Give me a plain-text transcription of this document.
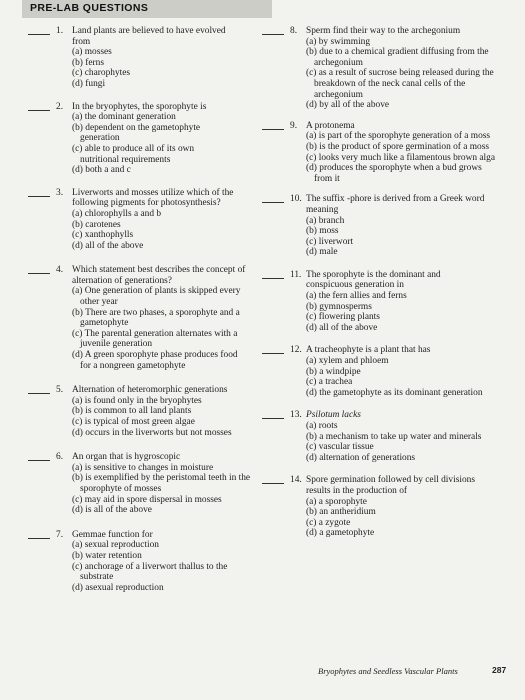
PRE-LAB QUESTIONS
1. Land plants are believed to have evolved from
(a) mosses
(b) ferns
(c) charophytes
(d) fungi
2. In the bryophytes, the sporophyte is
(a) the dominant generation
(b) dependent on the gametophyte generation
(c) able to produce all of its own nutritional requirements
(d) both a and c
3. Liverworts and mosses utilize which of the following pigments for photosynthesis?
(a) chlorophylls a and b
(b) carotenes
(c) xanthophylls
(d) all of the above
4. Which statement best describes the concept of alternation of generations?
(a) One generation of plants is skipped every other year
(b) There are two phases, a sporophyte and a gametophyte
(c) The parental generation alternates with a juvenile generation
(d) A green sporophyte phase produces food for a nongreen gametophyte
5. Alternation of heteromorphic generations
(a) is found only in the bryophytes
(b) is common to all land plants
(c) is typical of most green algae
(d) occurs in the liverworts but not mosses
6. An organ that is hygroscopic
(a) is sensitive to changes in moisture
(b) is exemplified by the peristomal teeth in the sporophyte of mosses
(c) may aid in spore dispersal in mosses
(d) is all of the above
7. Gemmae function for
(a) sexual reproduction
(b) water retention
(c) anchorage of a liverwort thallus to the substrate
(d) asexual reproduction
8. Sperm find their way to the archegonium
(a) by swimming
(b) due to a chemical gradient diffusing from the archegonium
(c) as a result of sucrose being released during the breakdown of the neck canal cells of the archegonium
(d) by all of the above
9. A protonema
(a) is part of the sporophyte generation of a moss
(b) is the product of spore germination of a moss
(c) looks very much like a filamentous brown alga
(d) produces the sporophyte when a bud grows from it
10. The suffix -phore is derived from a Greek word meaning
(a) branch
(b) moss
(c) liverwort
(d) male
11. The sporophyte is the dominant and conspicuous generation in
(a) the fern allies and ferns
(b) gymnosperms
(c) flowering plants
(d) all of the above
12. A tracheophyte is a plant that has
(a) xylem and phloem
(b) a windpipe
(c) a trachea
(d) the gametophyte as its dominant generation
13. Psilotum lacks
(a) roots
(b) a mechanism to take up water and minerals
(c) vascular tissue
(d) alternation of generations
14. Spore germination followed by cell divisions results in the production of
(a) a sporophyte
(b) an antheridium
(c) a zygote
(d) a gametophyte
Bryophytes and Seedless Vascular Plants	287
